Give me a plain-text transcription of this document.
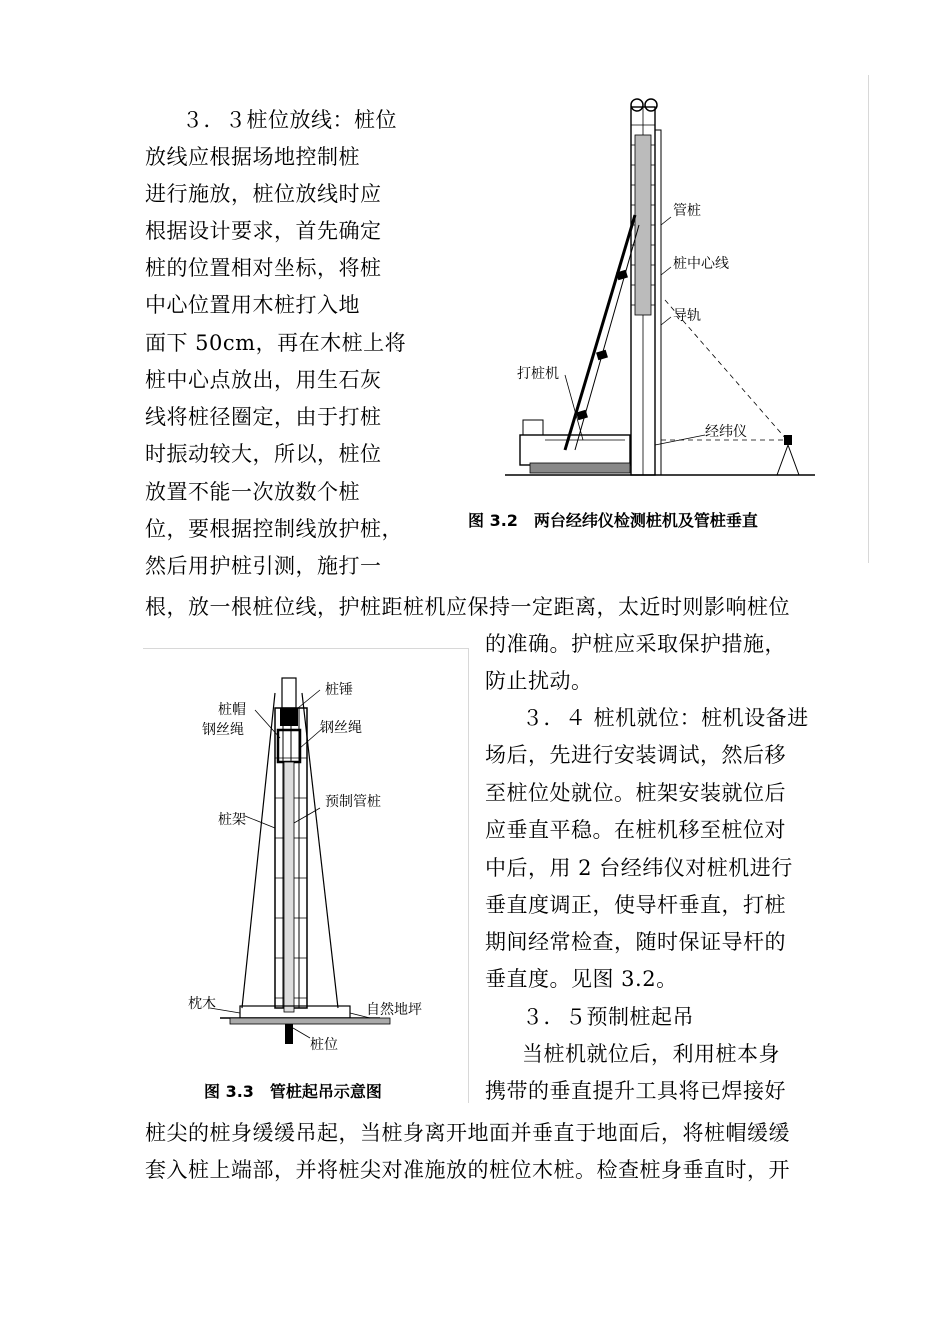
３．３桩位放线：桩位
放线应根据场地控制桩
进行施放，桩位放线时应
根据设计要求，首先确定
桩的位置相对坐标，将桩
中心位置用木桩打入地
面下 50cm，再在木桩上将
桩中心点放出，用生石灰
线将桩径圈定，由于打桩
时振动较大，所以，桩位
放置不能一次放数个桩
位，要根据控制线放护桩，
然后用护桩引测，施打一
管桩
桩中心线
导轨
打桩机
经纬仪
图 3.2　两台经纬仪检测桩机及管桩垂直
根，放一根桩位线，护桩距桩机应保持一定距离，太近时则影响桩位
桩锤
桩帽
钢丝绳	钢丝绳
预制管桩
桩架
枕木	自然地坪
桩位
图 3.3　管桩起吊示意图
的准确。护桩应采取保护措施，
防止扰动。
３．４ 桩机就位：桩机设备进
场后，先进行安装调试，然后移
至桩位处就位。桩架安装就位后
应垂直平稳。在桩机移至桩位对
中后，用 2 台经纬仪对桩机进行
垂直度调正，使导杆垂直，打桩
期间经常检查，随时保证导杆的
垂直度。见图 3.2。
３．５预制桩起吊
当桩机就位后，利用桩本身
携带的垂直提升工具将已焊接好
桩尖的桩身缓缓吊起，当桩身离开地面并垂直于地面后，将桩帽缓缓
套入桩上端部，并将桩尖对准施放的桩位木桩。检查桩身垂直时，开
